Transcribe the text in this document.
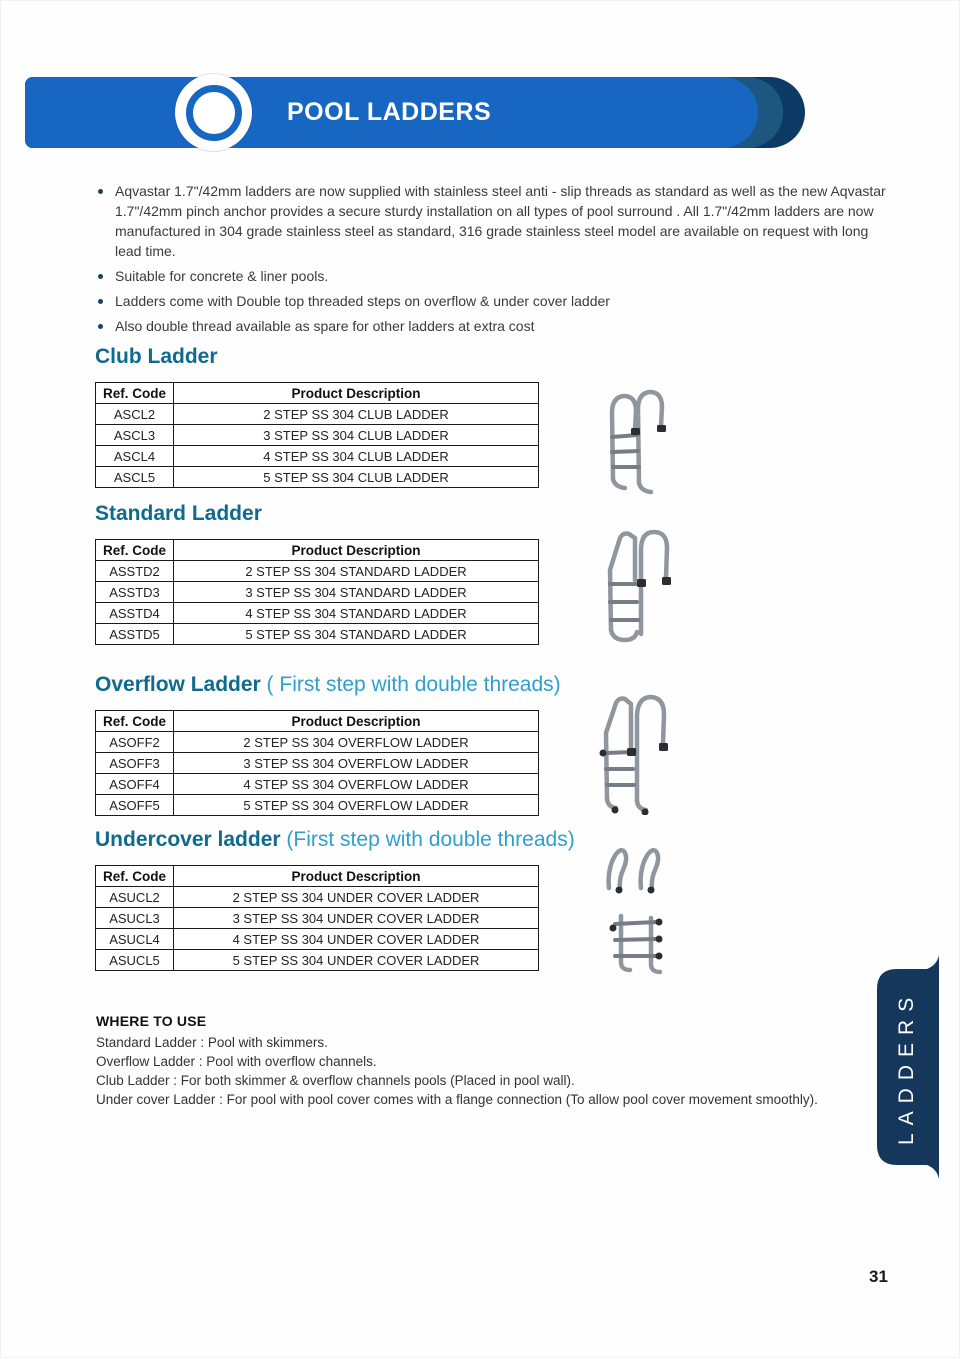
POOL LADDERS
Aqvastar 1.7"/42mm ladders are now supplied with stainless steel anti - slip threads as standard as well as the new Aqvastar 1.7"/42mm pinch anchor provides a secure sturdy installation on all types of pool surround . All 1.7"/42mm ladders are now manufactured in 304 grade stainless steel as standard, 316 grade stainless steel model are available on request with long lead time.
Suitable for concrete & liner pools.
Ladders come with Double top threaded steps on overflow & under cover ladder
Also double thread available as spare for other ladders at extra cost
Club Ladder
Ref. Code	Product Description
ASCL2	2 STEP SS 304 CLUB LADDER
ASCL3	3 STEP SS 304 CLUB LADDER
ASCL4	4 STEP SS 304 CLUB LADDER
ASCL5	5 STEP SS 304 CLUB LADDER
Standard Ladder
Ref. Code	Product Description
ASSTD2	2 STEP SS 304 STANDARD LADDER
ASSTD3	3 STEP SS 304 STANDARD LADDER
ASSTD4	4 STEP SS 304 STANDARD LADDER
ASSTD5	5 STEP SS 304 STANDARD LADDER
Overflow Ladder ( First step with double threads)
Ref. Code	Product Description
ASOFF2	2 STEP SS 304 OVERFLOW LADDER
ASOFF3	3 STEP SS 304 OVERFLOW LADDER
ASOFF4	4 STEP SS 304 OVERFLOW LADDER
ASOFF5	5 STEP SS 304 OVERFLOW LADDER
Undercover ladder (First step with double threads)
Ref. Code	Product Description
ASUCL2	2 STEP SS 304 UNDER COVER LADDER
ASUCL3	3 STEP SS 304 UNDER COVER LADDER
ASUCL4	4 STEP SS 304 UNDER COVER LADDER
ASUCL5	5 STEP SS 304 UNDER COVER LADDER
WHERE TO USE
Standard Ladder : Pool with skimmers.
Overflow Ladder : Pool with overflow channels.
Club Ladder : For both skimmer & overflow channels pools (Placed in pool wall).
Under cover Ladder : For pool with pool cover comes with a flange connection (To allow pool cover movement smoothly).	LADDERS
31
